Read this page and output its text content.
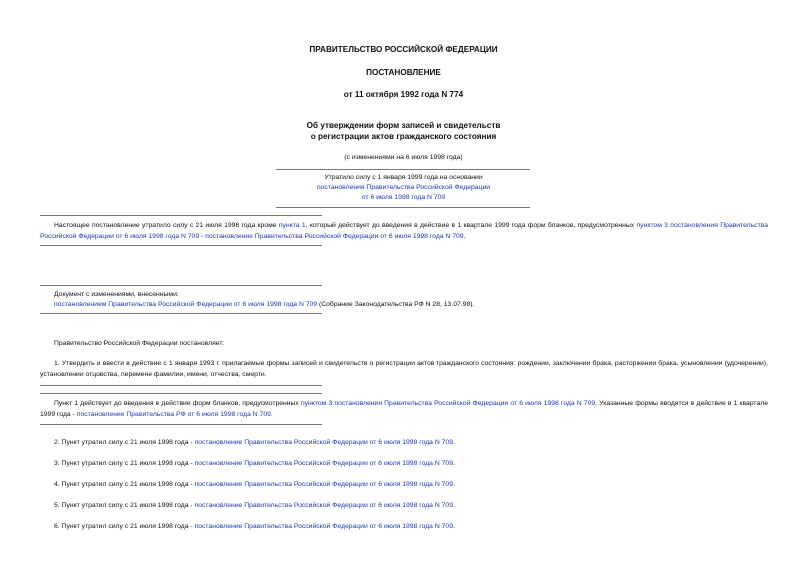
ПРАВИТЕЛЬСТВО РОССИЙСКОЙ ФЕДЕРАЦИИ
ПОСТАНОВЛЕНИЕ
от 11 октября 1992 года N 774
Об утверждении форм записей и свидетельств
о регистрации актов гражданского состояния
(с изменениями на 6 июля 1998 года)
Утратило силу с 1 января 1999 года на основании
постановления Правительства Российской Федерации
от 6 июля 1998 года N 709
Настоящее постановление утратило силу с 21 июля 1998 года кроме пункта 1, который действует до введения в действие в 1 квартале 1999 года форм бланков, предусмотренных пунктом 3 постановления Правительства Российской Федерации от 6 июля 1998 года N 709 - постановление Правительства Российской Федерации от 6 июля 1998 года N 709.
Документ с изменениями, внесенными:
постановлением Правительства Российской Федерации от 6 июля 1998 года N 709 (Собрание Законодательства РФ N 28, 13.07.98).
Правительство Российской Федерации постановляет:
1. Утвердить и ввести в действие с 1 января 1993 г. прилагаемые формы записей и свидетельств о регистрации актов гражданского состояния: рождении, заключении брака, расторжении брака, усыновлении (удочерении), установлении отцовства, перемене фамилии, имени, отчества, смерти.
Пункт 1 действует до введения в действие форм бланков, предусмотренных пунктом 3 постановления Правительства Российской Федерации от 6 июля 1998 года N 709. Указанные формы вводятся в действие в 1 квартале 1999 года - постановление Правительства РФ от 6 июля 1998 года N 709.
2. Пункт утратил силу с 21 июля 1998 года - постановление Правительства Российской Федерации от 6 июля 1998 года N 709.
3. Пункт утратил силу с 21 июля 1998 года - постановление Правительства Российской Федерации от 6 июля 1998 года N 709.
4. Пункт утратил силу с 21 июля 1998 года - постановление Правительства Российской Федерации от 6 июля 1998 года N 709.
5. Пункт утратил силу с 21 июля 1998 года - постановление Правительства Российской Федерации от 6 июля 1998 года N 709.
6. Пункт утратил силу с 21 июля 1998 года - постановление Правительства Российской Федерации от 6 июля 1998 года N 709.
